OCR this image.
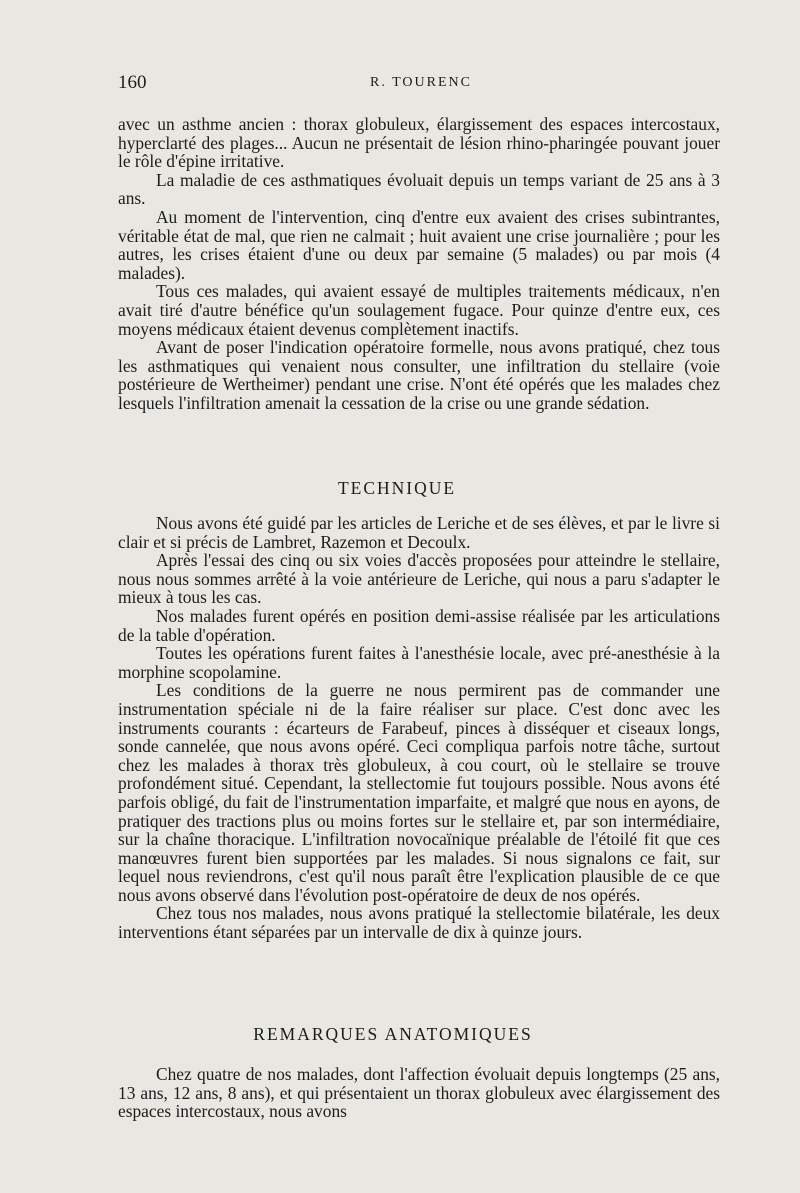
160	R. TOURENC

avec un asthme ancien : thorax globuleux, élargissement des espaces intercostaux, hyperclarté des plages... Aucun ne présentait de lésion rhino-pharingée pouvant jouer le rôle d'épine irritative.

La maladie de ces asthmatiques évoluait depuis un temps variant de 25 ans à 3 ans.

Au moment de l'intervention, cinq d'entre eux avaient des crises subintrantes, véritable état de mal, que rien ne calmait ; huit avaient une crise journalière ; pour les autres, les crises étaient d'une ou deux par semaine (5 malades) ou par mois (4 malades).

Tous ces malades, qui avaient essayé de multiples traitements médicaux, n'en avait tiré d'autre bénéfice qu'un soulagement fugace. Pour quinze d'entre eux, ces moyens médicaux étaient devenus complètement inactifs.

Avant de poser l'indication opératoire formelle, nous avons pratiqué, chez tous les asthmatiques qui venaient nous consulter, une infiltration du stellaire (voie postérieure de Wertheimer) pendant une crise. N'ont été opérés que les malades chez lesquels l'infiltration amenait la cessation de la crise ou une grande sédation.

TECHNIQUE

Nous avons été guidé par les articles de Leriche et de ses élèves, et par le livre si clair et si précis de Lambret, Razemon et Decoulx.

Après l'essai des cinq ou six voies d'accès proposées pour atteindre le stellaire, nous nous sommes arrêté à la voie antérieure de Leriche, qui nous a paru s'adapter le mieux à tous les cas.

Nos malades furent opérés en position demi-assise réalisée par les articulations de la table d'opération.

Toutes les opérations furent faites à l'anesthésie locale, avec pré-anesthésie à la morphine scopolamine.

Les conditions de la guerre ne nous permirent pas de commander une instrumentation spéciale ni de la faire réaliser sur place. C'est donc avec les instruments courants : écarteurs de Farabeuf, pinces à disséquer et ciseaux longs, sonde cannelée, que nous avons opéré. Ceci compliqua parfois notre tâche, surtout chez les malades à thorax très globuleux, à cou court, où le stellaire se trouve profondément situé. Cependant, la stellectomie fut toujours possible. Nous avons été parfois obligé, du fait de l'instrumentation imparfaite, et malgré que nous en ayons, de pratiquer des tractions plus ou moins fortes sur le stellaire et, par son intermédiaire, sur la chaîne thoracique. L'infiltration novocaïnique préalable de l'étoilé fit que ces manœuvres furent bien supportées par les malades. Si nous signalons ce fait, sur lequel nous reviendrons, c'est qu'il nous paraît être l'explication plausible de ce que nous avons observé dans l'évolution post-opératoire de deux de nos opérés.

Chez tous nos malades, nous avons pratiqué la stellectomie bilatérale, les deux interventions étant séparées par un intervalle de dix à quinze jours.

REMARQUES ANATOMIQUES

Chez quatre de nos malades, dont l'affection évoluait depuis longtemps (25 ans, 13 ans, 12 ans, 8 ans), et qui présentaient un thorax globuleux avec élargissement des espaces intercostaux, nous avons
